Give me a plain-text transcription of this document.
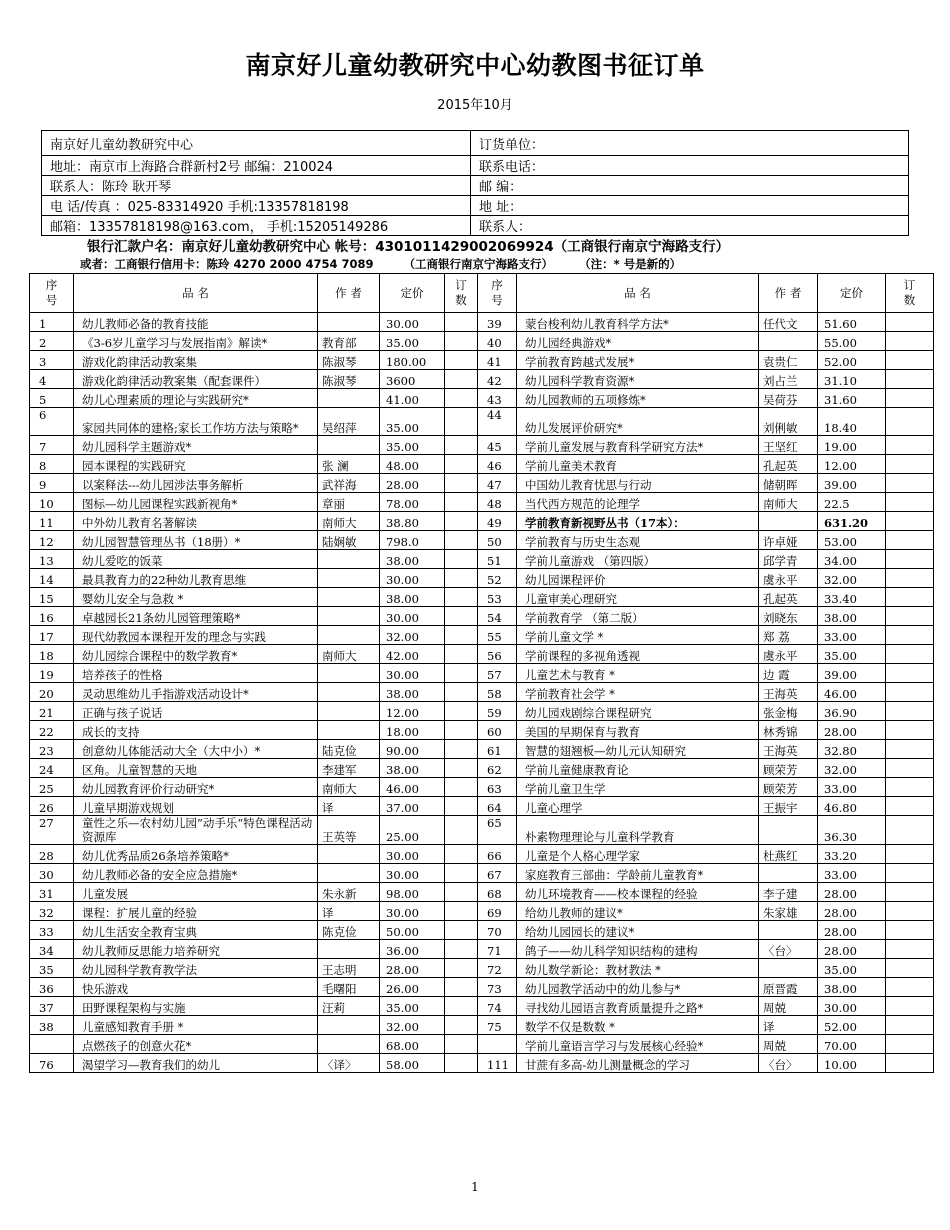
南京好儿童幼教研究中心幼教图书征订单
2015年10月
南京好儿童幼教研究中心	订货单位：
地址：南京市上海路合群新村2号 邮编：210024	联系电话：
联系人：陈玲 耿开琴	邮 编：
电 话/传真 ：025-83314920 手机:13357818198	地 址：
邮箱：13357818198@163.com， 手机:15205149286	联系人：
银行汇款户名：南京好儿童幼教研究中心 帐号：4301011429002069924（工商银行南京宁海路支行）
或者：工商银行信用卡：陈玲 4270 2000 4754 7089	（工商银行南京宁海路支行） （注：* 号是新的）
序号	品 名	作 者	定价	订数	序号	品 名	作 者	定价	订数
1	幼儿教师必备的教育技能		30.00		39	蒙台梭利幼儿教育科学方法*	任代文	51.60	
2	《3-6岁儿童学习与发展指南》解读*	教育部	35.00		40	幼儿园经典游戏*		55.00	
3	游戏化韵律活动教案集	陈淑琴	180.00		41	学前教育跨越式发展*	袁贵仁	52.00	
4	游戏化韵律活动教案集（配套课件）	陈淑琴	3600		42	幼儿园科学教育资源*	刘占兰	31.10	
5	幼儿心理素质的理论与实践研究*		41.00		43	幼儿园教师的五项修炼*	吴荷芬	31.60	
6	家园共同体的建格;家长工作坊方法与策略*	吴绍萍	35.00		44	幼儿发展评价研究*	刘俐敏	18.40	
7	幼儿园科学主题游戏*		35.00		45	学前儿童发展与教育科学研究方法*	王坚红	19.00	
8	园本课程的实践研究	张 澜	48.00		46	学前儿童美术教育	孔起英	12.00	
9	以案释法---幼儿园涉法事务解析	武祥海	28.00		47	中国幼儿教育忧思与行动	储朝晖	39.00	
10	图标—幼儿园课程实践新视角*	章丽	78.00		48	当代西方规范的论理学	南师大	22.5	
11	中外幼儿教育名著解读	南师大	38.80		49	学前教育新视野丛书（17本）：		631.20	
12	幼儿园智慧管理丛书（18册）*	陆娴敏	798.0		50	学前教育与历史生态观	许卓娅	53.00	
13	幼儿爱吃的饭菜		38.00		51	学前儿童游戏 （第四版）	邱学青	34.00	
14	最具教育力的22种幼儿教育思维		30.00		52	幼儿园课程评价	虞永平	32.00	
15	婴幼儿安全与急救 *		38.00		53	儿童审美心理研究	孔起英	33.40	
16	卓越园长21条幼儿园管理策略*		30.00		54	学前教育学 （第二版）	刘晓东	38.00	
17	现代幼教园本课程开发的理念与实践		32.00		55	学前儿童文学 *	郑 荔	33.00	
18	幼儿园综合课程中的数学教育*	南师大	42.00		56	学前课程的多视角透视	虞永平	35.00	
19	培养孩子的性格		30.00		57	儿童艺术与教育 *	边 霞	39.00	
20	灵动思维幼儿手指游戏活动设计*		38.00		58	学前教育社会学 *	王海英	46.00	
21	正确与孩子说话		12.00		59	幼儿园戏剧综合课程研究	张金梅	36.90	
22	成长的支持		18.00		60	美国的早期保育与教育	林秀锦	28.00	
23	创意幼儿体能活动大全（大中小）*	陆克俭	90.00		61	智慧的翅翘板—幼儿元认知研究	王海英	32.80	
24	区角。儿童智慧的天地	李建军	38.00		62	学前儿童健康教育论	顾荣芳	32.00	
25	幼儿园教育评价行动研究*	南师大	46.00		63	学前儿童卫生学	顾荣芳	33.00	
26	儿童早期游戏规划	译	37.00		64	儿童心理学	王振宇	46.80	
27	童性之乐—农村幼儿园”动手乐“特色课程活动资源库	王英等	25.00		65	朴素物理理论与儿童科学教育		36.30	
28	幼儿优秀品质26条培养策略*		30.00		66	儿童是个人格心理学家	杜燕红	33.20	
30	幼儿教师必备的安全应急措施*		30.00		67	家庭教育三部曲：学龄前儿童教育*		33.00	
31	儿童发展	朱永新	98.00		68	幼儿环境教育——校本课程的经验	李子建	28.00	
32	课程：扩展儿童的经验	译	30.00		69	给幼儿教师的建议*	朱家雄	28.00	
33	幼儿生活安全教育宝典	陈克俭	50.00		70	给幼儿园园长的建议*		28.00	
34	幼儿教师反思能力培养研究		36.00		71	鸽子——幼儿科学知识结构的建构	〈台〉	28.00	
35	幼儿园科学教育教学法	王志明	28.00		72	幼儿数学新论：教材教法 *		35.00	
36	快乐游戏	毛曙阳	26.00		73	幼儿园教学活动中的幼儿参与*	原晋霞	38.00	
37	田野课程架构与实施	汪莉	35.00		74	寻找幼儿园语言教育质量提升之路*	周兢	30.00	
38	儿童感知教育手册 *		32.00		75	数学不仅是数数 *	译	52.00	
	点燃孩子的创意火花*		68.00			学前儿童语言学习与发展核心经验*	周兢	70.00	
76	渴望学习—教育我们的幼儿	〈译〉	58.00		111	甘蔗有多高-幼儿测量概念的学习	〈台〉	10.00	
1
